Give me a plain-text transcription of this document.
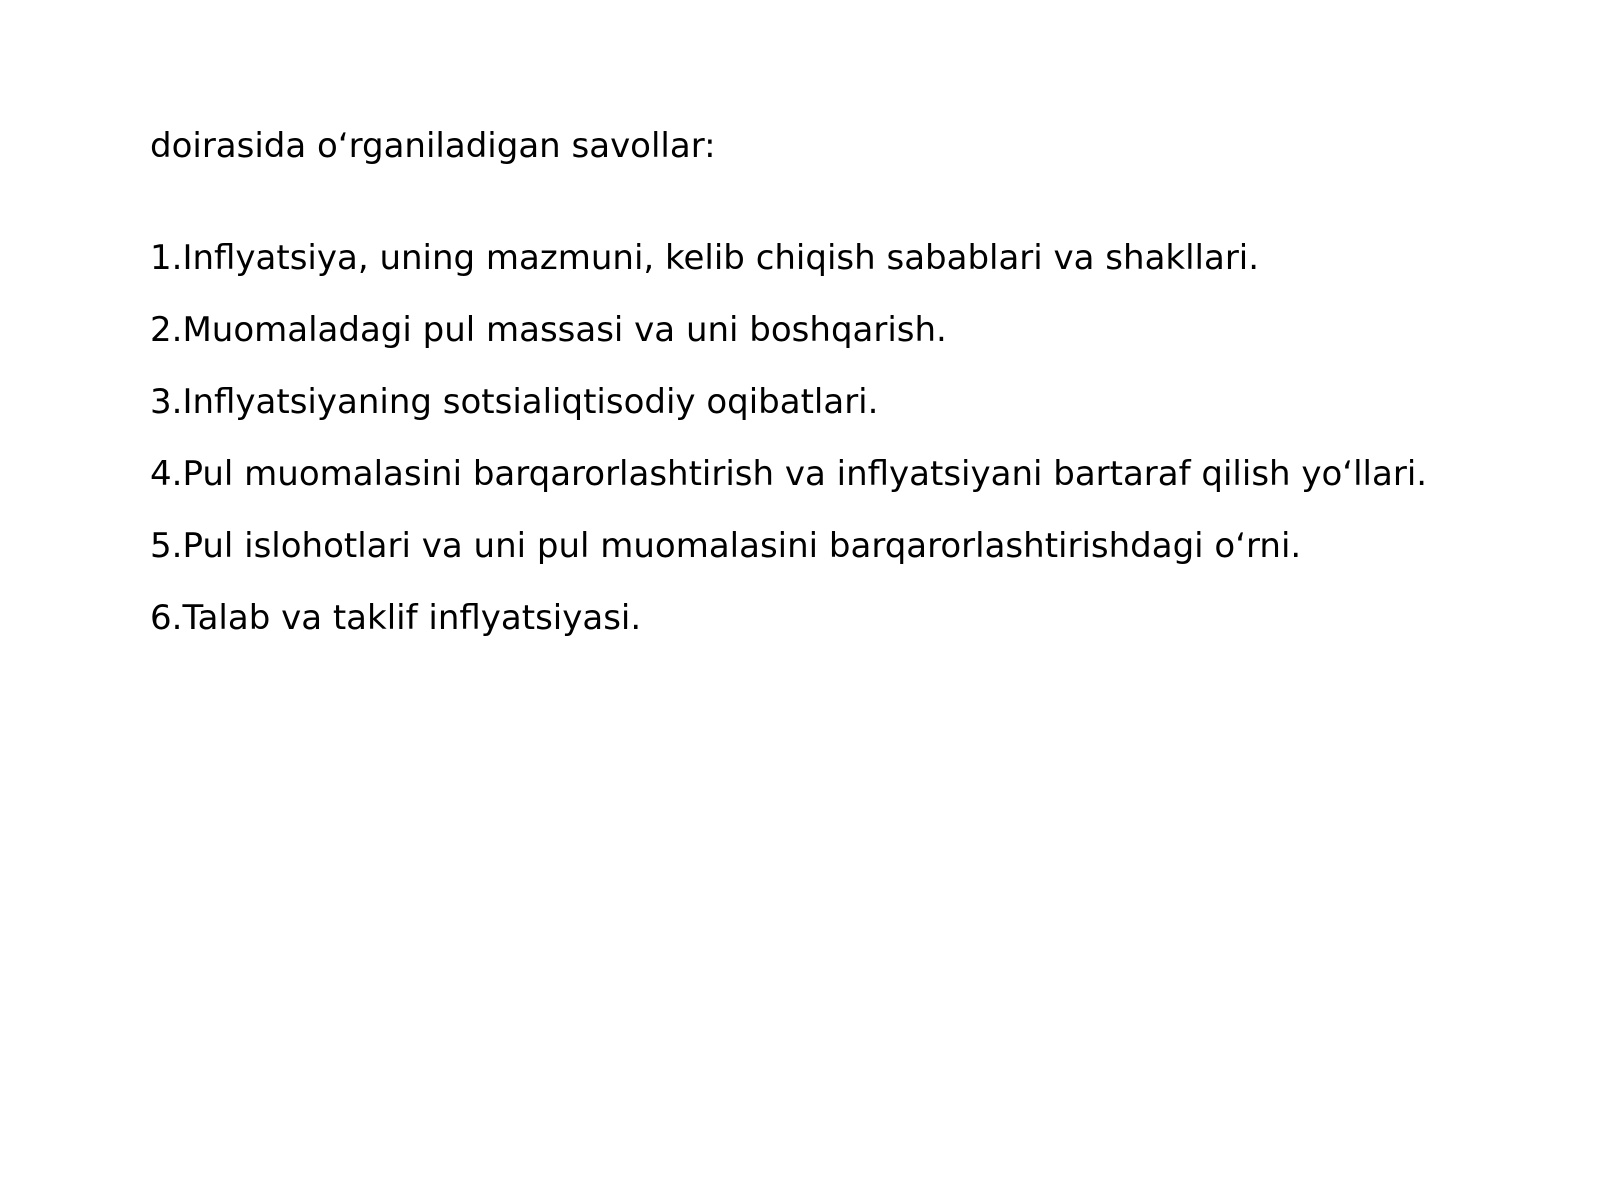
doirasida oʻrganiladigan savollar:

1.Inflyatsiya, uning mazmuni, kelib chiqish sabablari va shakllari.
2.Muomaladagi pul massasi va uni boshqarish.
3.Inflyatsiyaning sotsialiqtisodiy oqibatlari.
4.Pul muomalasini barqarorlashtirish va inflyatsiyani bartaraf qilish yoʻllari.
5.Pul islohotlari va uni pul muomalasini barqarorlashtirishdagi oʻrni.
6.Talab va taklif inflyatsiyasi.
